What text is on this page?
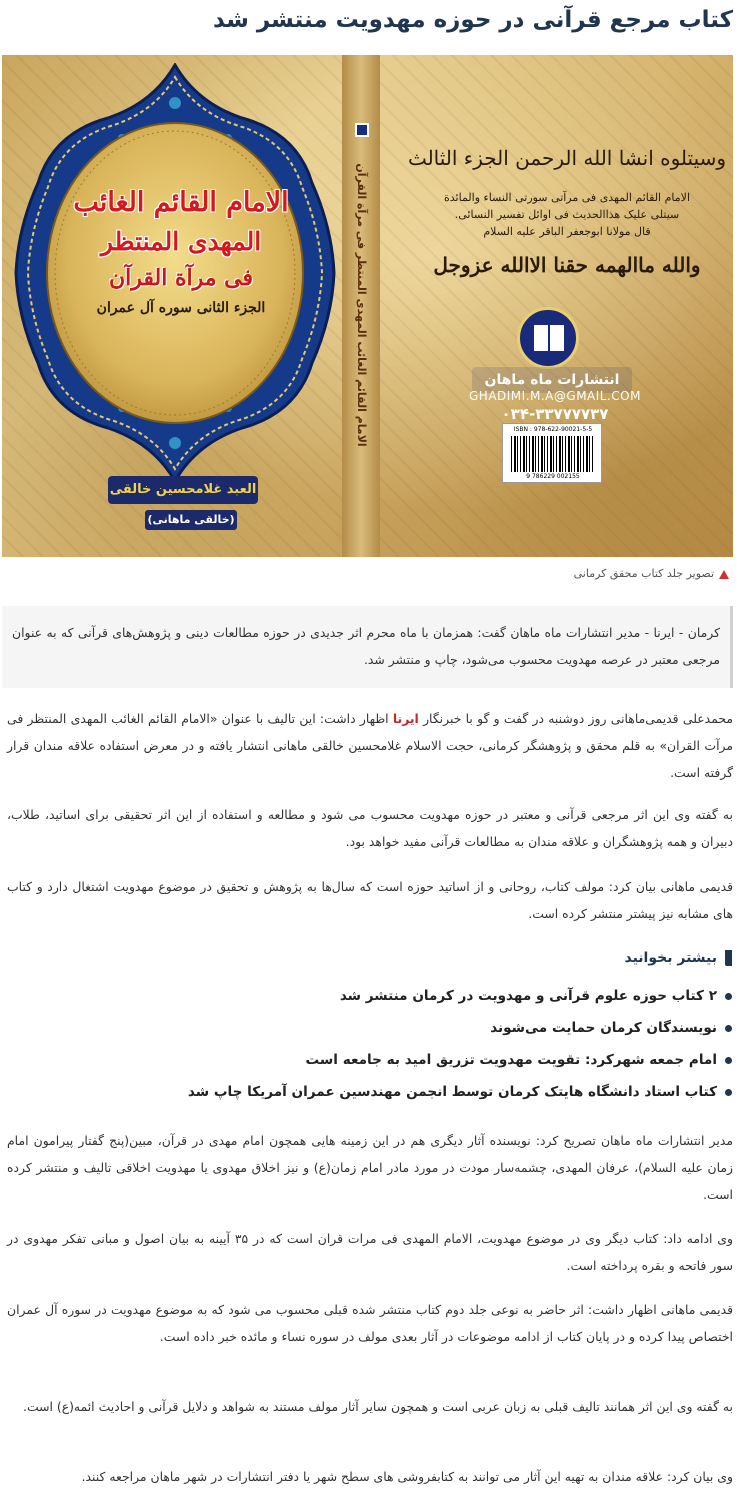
کتاب مرجع قرآنی در حوزه مهدویت منتشر شد
الامام القائم الغائب
المهدی المنتظر
فی مرآة القرآن
الجزء الثانی سوره آل عمران
العبد غلامحسین خالقی
(خالقی ماهانی)
الامام القائم الغائب المهدی المنتظر فی مرآة القرآن
وسیتلوه انشا الله الرحمن الجزء الثالث
الامام القائم المهدی فی مرآتی سورتی النساء والمائدة
سیتلی علیک هذاالحدیث فی اوائل تفسیر النسائی.
قال مولانا ابوجعفر الباقر علیه السلام
والله ماالهمه حقنا الاالله عزوجل
انتشارات ماه ماهان
GHADIMI.M.A@GMAIL.COM
۰۳۴-۳۳۷۷۷۷۳۷
ISBN : 978-622-90021-5-5
9 786229 002155
تصویر جلد کتاب محقق کرمانی
کرمان - ایرنا - مدیر انتشارات ماه ماهان گفت: همزمان با ماه محرم اثر جدیدی در حوزه مطالعات دینی و پژوهش‌های قرآنی که به عنوان مرجعی معتبر در عرصه مهدویت محسوب می‌شود، چاپ و منتشر شد.

محمدعلی قدیمی‌ماهانی روز دوشنبه در گفت و گو با خبرنگار ایرنا اظهار داشت: این تالیف با عنوان «الامام القائم الغائب المهدی المنتظر فی مرآت القران» به قلم محقق و پژوهشگر کرمانی، حجت الاسلام غلامحسین خالقی ماهانی انتشار یافته و در معرض استفاده علاقه مندان قرار گرفته است.

به گفته وی این اثر مرجعی قرآنی و معتبر در حوزه مهدویت محسوب می شود و مطالعه و استفاده از این اثر تحقیقی برای اساتید، طلاب، دبیران و همه پژوهشگران و علاقه مندان به مطالعات قرآنی مفید خواهد بود.

قدیمی ماهانی بیان کرد: مولف کتاب، روحانی و از اساتید حوزه است که سال‌ها به پژوهش و تحقیق در موضوع مهدویت اشتغال دارد و کتاب های مشابه نیز پیشتر منتشر کرده است.

بیشتر بخوانید
۲ کتاب حوزه علوم قرآنی و مهدویت در کرمان منتشر شد
نویسندگان کرمان حمایت می‌شوند
امام جمعه شهرکرد: تقویت مهدویت تزریق امید به جامعه است
کتاب استاد دانشگاه هایتک کرمان توسط انجمن مهندسین عمران آمریکا چاپ شد

مدیر انتشارات ماه ماهان تصریح کرد: نویسنده آثار دیگری هم در این زمینه هایی همچون امام مهدی در قرآن، مبین(پنج گفتار پیرامون امام زمان علیه السلام)، عرفان المهدی، چشمه‌سار مودت در مورد مادر امام زمان(ع) و نیز اخلاق مهدوی یا مهدویت اخلاقی تالیف و منتشر کرده است.

وی ادامه داد: کتاب دیگر وی در موضوع مهدویت، الامام المهدی فی مرات قران است که در ۳۵ آیینه به بیان اصول و مبانی تفکر مهدوی در سور فاتحه و بقره پرداخته است.

قدیمی ماهانی اظهار داشت: اثر حاضر به نوعی جلد دوم کتاب منتشر شده قبلی محسوب می شود که به موضوع مهدویت در سوره آل عمران اختصاص پیدا کرده و در پایان کتاب از ادامه موضوعات در آثار بعدی مولف در سوره نساء و مائده خبر داده است.

به گفته وی این اثر همانند تالیف قبلی به زبان عربی است و همچون سایر آثار مولف مستند به شواهد و دلایل قرآنی و احادیث ائمه(ع) است.

وی بیان کرد: علاقه مندان به تهیه این آثار می توانند به کتابفروشی های سطح شهر یا دفتر انتشارات در شهر ماهان مراجعه کنند.
